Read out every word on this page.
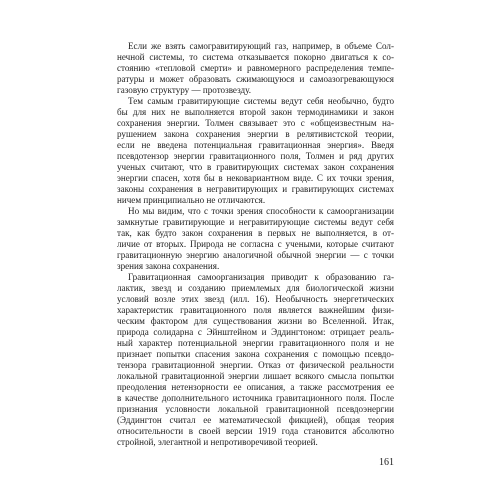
Если же взять самогравитирующий газ, например, в объеме Сол-
нечной системы, то система отказывается покорно двигаться к со-
стоянию «тепловой смерти» и равномерного распределения темпе-
ратуры и может образовать сжимающуюся и самоазогревающуюся
газовую структуру — протозвезду.
Тем самым гравитирующие системы ведут себя необычно, будто
бы для них не выполняется второй закон термодинамики и закон
сохранения энергии. Толмен связывает это с «общеизвестным на-
рушением закона сохранения энергии в релятивистской теории,
если не введена потенциальная гравитационная энергия». Введя
псевдотензор энергии гравитационного поля, Толмен и ряд других
ученых считают, что в гравитирующих системах закон сохранения
энергии спасен, хотя бы в нековариантном виде. С их точки зрения,
законы сохранения в негравитирующих и гравитирующих системах
ничем принципиально не отличаются.
Но мы видим, что с точки зрения способности к самоорганизации
замкнутые гравитирующие и негравитирующие системы ведут себя
так, как будто закон сохранения в первых не выполняется, в от-
личие от вторых. Природа не согласна с учеными, которые считают
гравитационную энергию аналогичной обычной энергии — с точки
зрения закона сохранения.
Гравитационная самоорганизация приводит к образованию га-
лактик, звезд и созданию приемлемых для биологической жизни
условий возле этих звезд (илл. 16). Необычность энергетических
характеристик гравитационного поля является важнейшим физи-
ческим фактором для существования жизни во Вселенной. Итак,
природа солидарна с Эйнштейном и Эддингтоном: отрицает реаль-
ный характер потенциальной энергии гравитационного поля и не
признает попытки спасения закона сохранения с помощью псевдо-
тензора гравитационной энергии. Отказ от физической реальности
локальной гравитационной энергии лишает всякого смысла попытки
преодоления нетензорности ее описания, а также рассмотрения ее
в качестве дополнительного источника гравитационного поля. После
признания условности локальной гравитационной псевдоэнергии
(Эддингтон считал ее математической фикцией), общая теория
относительности в своей версии 1919 года становится абсолютно
стройной, элегантной и непротиворечивой теорией.
161
